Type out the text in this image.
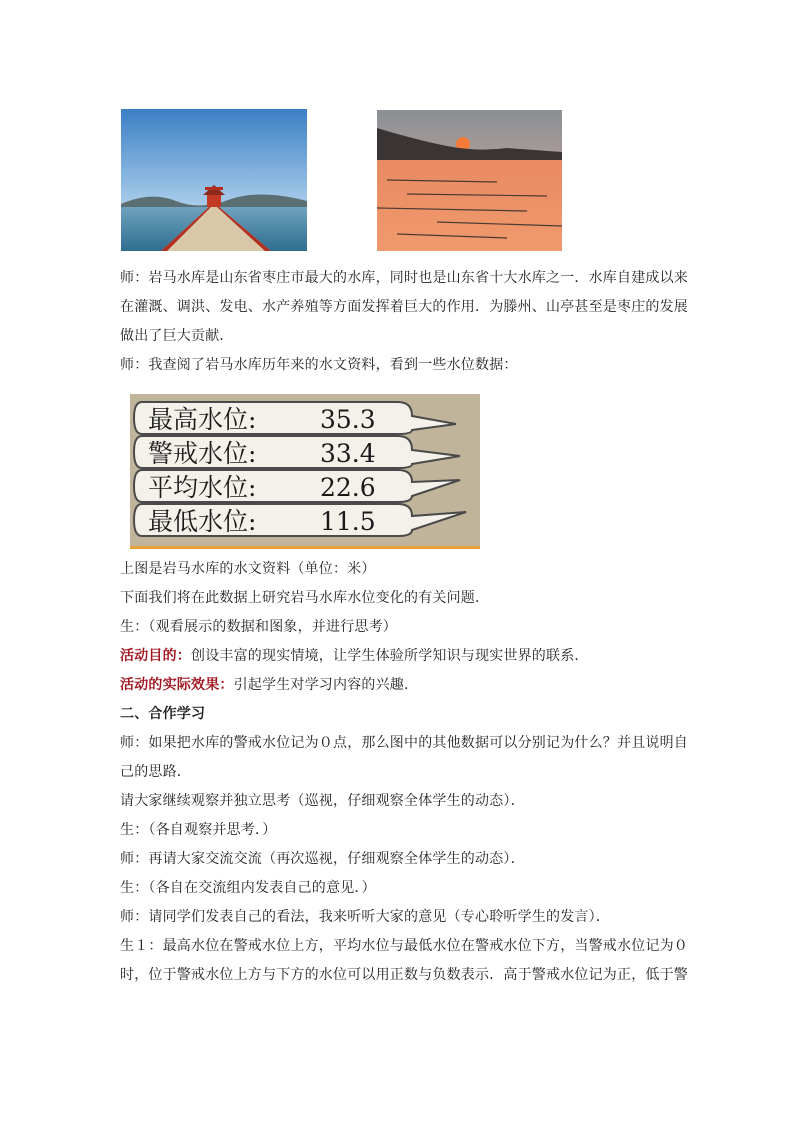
师：岩马水库是山东省枣庄市最大的水库，同时也是山东省十大水库之一．水库自建成以来

在灌溉、调洪、发电、水产养殖等方面发挥着巨大的作用．为滕州、山亭甚至是枣庄的发展

做出了巨大贡献．

师：我查阅了岩马水库历年来的水文资料，看到一些水位数据：

最高水位:	35.3
警戒水位:	33.4
平均水位:	22.6
最低水位:	11.5

上图是岩马水库的水文资料（单位：米）

下面我们将在此数据上研究岩马水库水位变化的有关问题．

生：（观看展示的数据和图象，并进行思考）

活动目的：创设丰富的现实情境，让学生体验所学知识与现实世界的联系．

活动的实际效果：引起学生对学习内容的兴趣．

二、合作学习

师：如果把水库的警戒水位记为０点，那么图中的其他数据可以分别记为什么？并且说明自

己的思路．

请大家继续观察并独立思考（巡视，仔细观察全体学生的动态）．

生：（各自观察并思考．）

师：再请大家交流交流（再次巡视，仔细观察全体学生的动态）．

生：（各自在交流组内发表自己的意见．）

师：请同学们发表自己的看法，我来听听大家的意见（专心聆听学生的发言）．

生１：最高水位在警戒水位上方，平均水位与最低水位在警戒水位下方，当警戒水位记为０

时，位于警戒水位上方与下方的水位可以用正数与负数表示．高于警戒水位记为正，低于警
